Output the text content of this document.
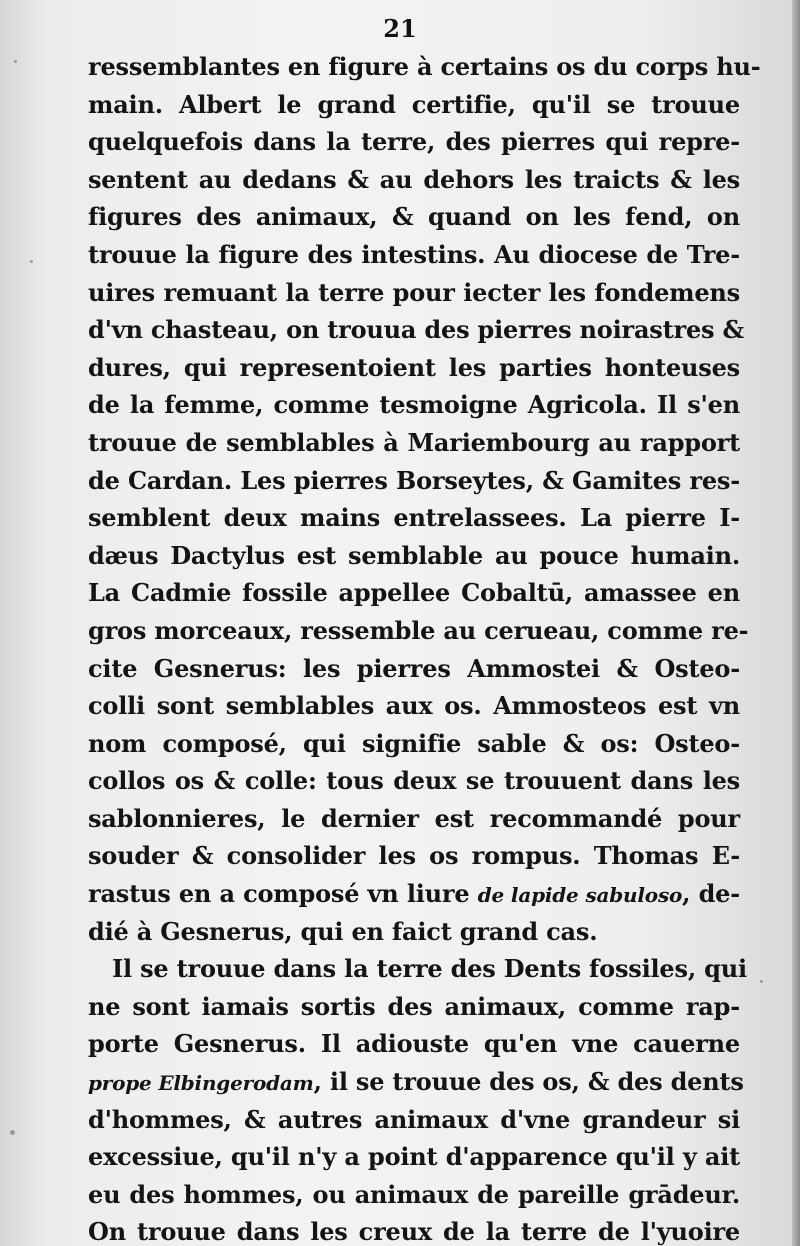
21
ressemblantes en figure à certains os du corps hu-
main. Albert le grand certifie, qu'il se trouue
quelquefois dans la terre, des pierres qui repre-
sentent au dedans & au dehors les traicts & les
figures des animaux, & quand on les fend, on
trouue la figure des intestins. Au diocese de Tre-
uires remuant la terre pour iecter les fondemens
d'vn chasteau, on trouua des pierres noirastres &
dures, qui representoient les parties honteuses
de la femme, comme tesmoigne Agricola. Il s'en
trouue de semblables à Mariembourg au rapport
de Cardan. Les pierres Borseytes, & Gamites res-
semblent deux mains entrelassees. La pierre I-
dæus Dactylus est semblable au pouce humain.
La Cadmie fossile appellee Cobaltū, amassee en
gros morceaux, ressemble au cerueau, comme re-
cite Gesnerus: les pierres Ammostei & Osteo-
colli sont semblables aux os. Ammosteos est vn
nom composé, qui signifie sable & os: Osteo-
collos os & colle: tous deux se trouuent dans les
sablonnieres, le dernier est recommandé pour
souder & consolider les os rompus. Thomas E-
rastus en a composé vn liure de lapide sabuloso, de-
dié à Gesnerus, qui en faict grand cas.
Il se trouue dans la terre des Dents fossiles, qui
ne sont iamais sortis des animaux, comme rap-
porte Gesnerus. Il adiouste qu'en vne cauerne
prope Elbingerodam, il se trouue des os, & des dents
d'hommes, & autres animaux d'vne grandeur si
excessiue, qu'il n'y a point d'apparence qu'il y ait
eu des hommes, ou animaux de pareille grādeur.
On trouue dans les creux de la terre de l'yuoire
